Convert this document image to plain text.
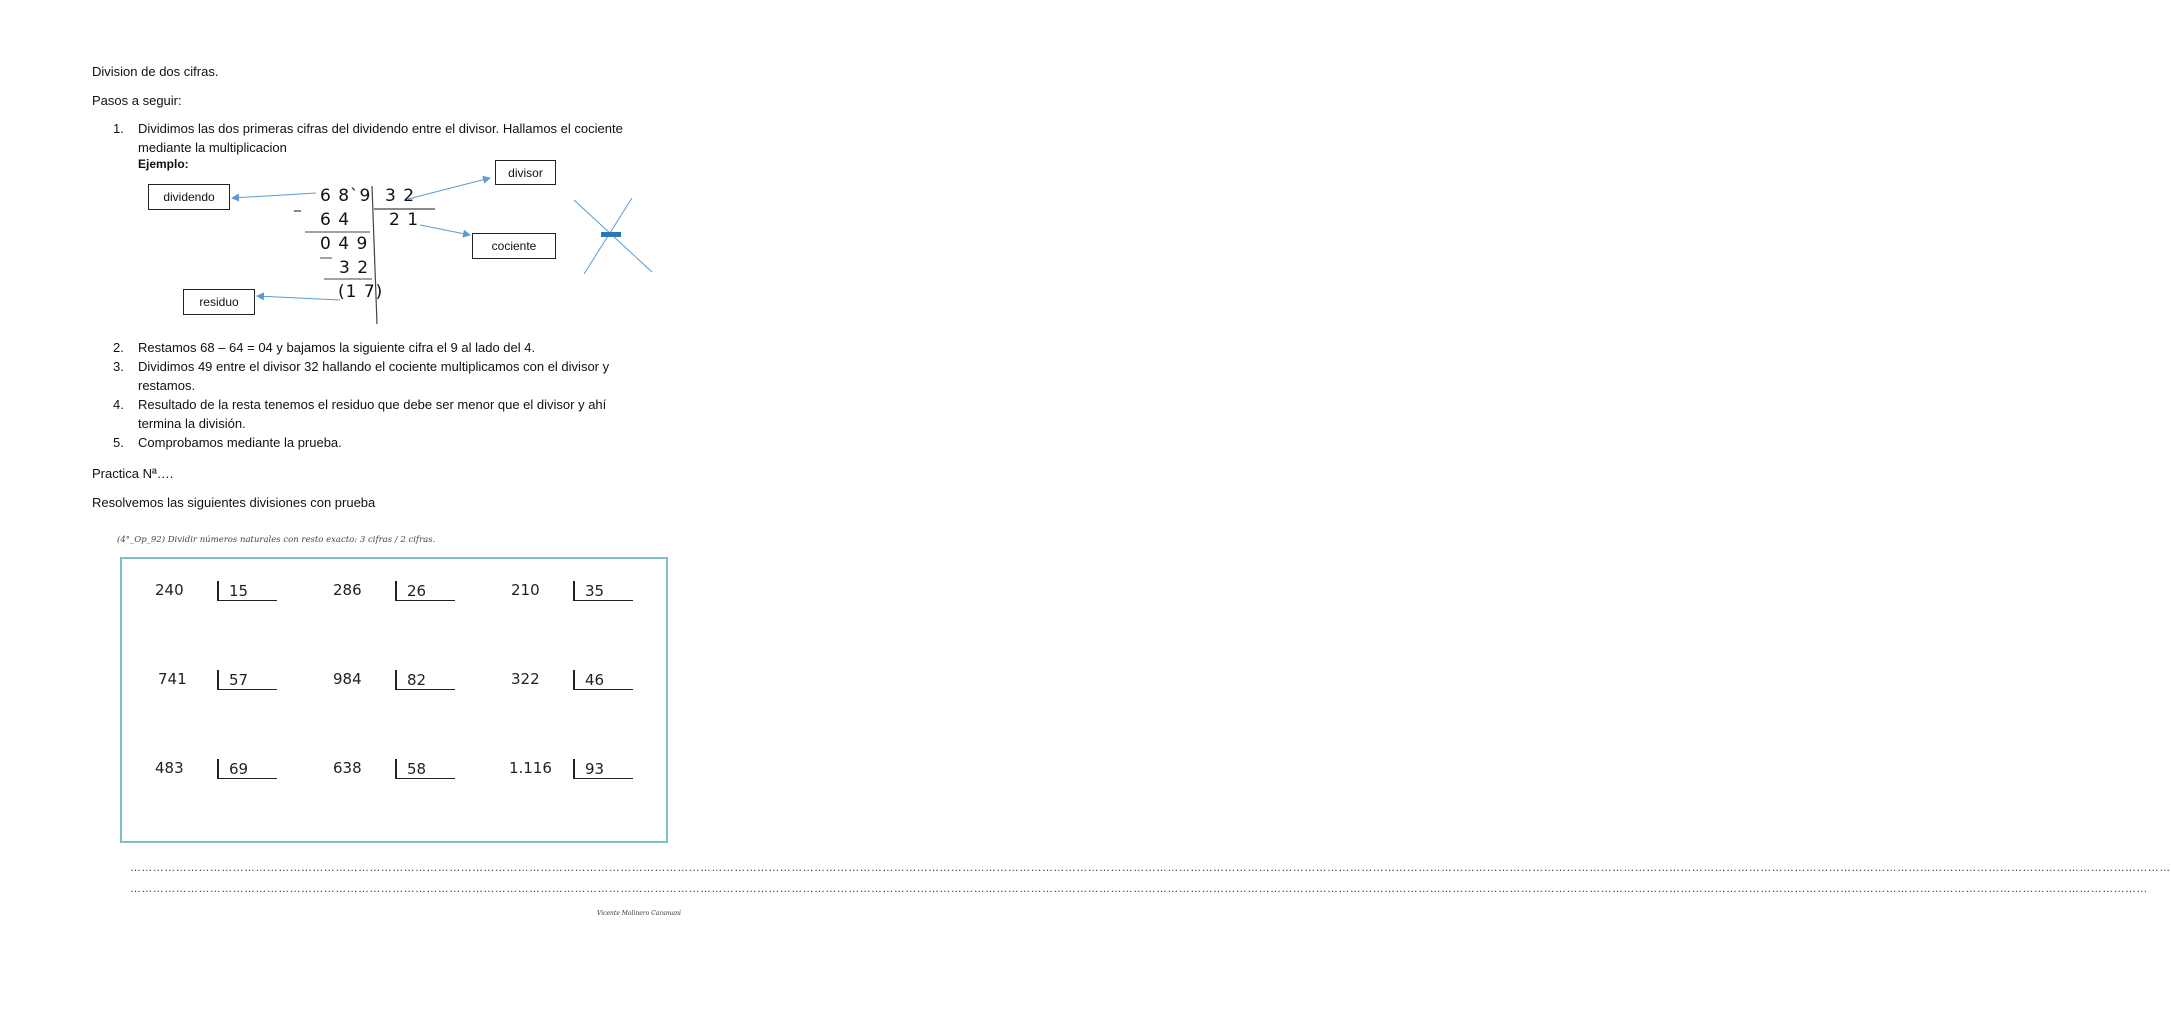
Division de dos cifras.
Pasos a seguir:
1. Dividimos las dos primeras cifras del dividendo entre el divisor. Hallamos el cociente
mediante la multiplicacion
Ejemplo:
dividendo
divisor
cociente
residuo
6 8`9 3 2
_
6 4 2 1
0 4 9
3 2
(1 7)
2. Restamos 68 – 64 = 04 y bajamos la siguiente cifra el 9 al lado del 4.
3. Dividimos 49 entre el divisor 32 hallando el cociente multiplicamos con el divisor y
restamos.
4. Resultado de la resta tenemos el residuo que debe ser menor que el divisor y ahí
termina la división.
5. Comprobamos mediante la prueba.
Practica Nª….
Resolvemos las siguientes divisiones con prueba
(4°_Op_92) Dividir números naturales con resto exacto: 3 cifras / 2 cifras.
240	15	286	26	210	35
741	57	984	82	322	46
483	69	638	58	1.116	93
……………………………………………………………………………………………………………………………………………………………………………………………………………………………………………………………………………………………………………………………………………………………………………………………………………………………………………………………………………………………
………………………………………………………………………………………………………………………………………………………………………………………………………………………………………………………………………………………………………………………………………………………………………………………………………………………………………………………………………………………
Vicente Molinero Caramaní
